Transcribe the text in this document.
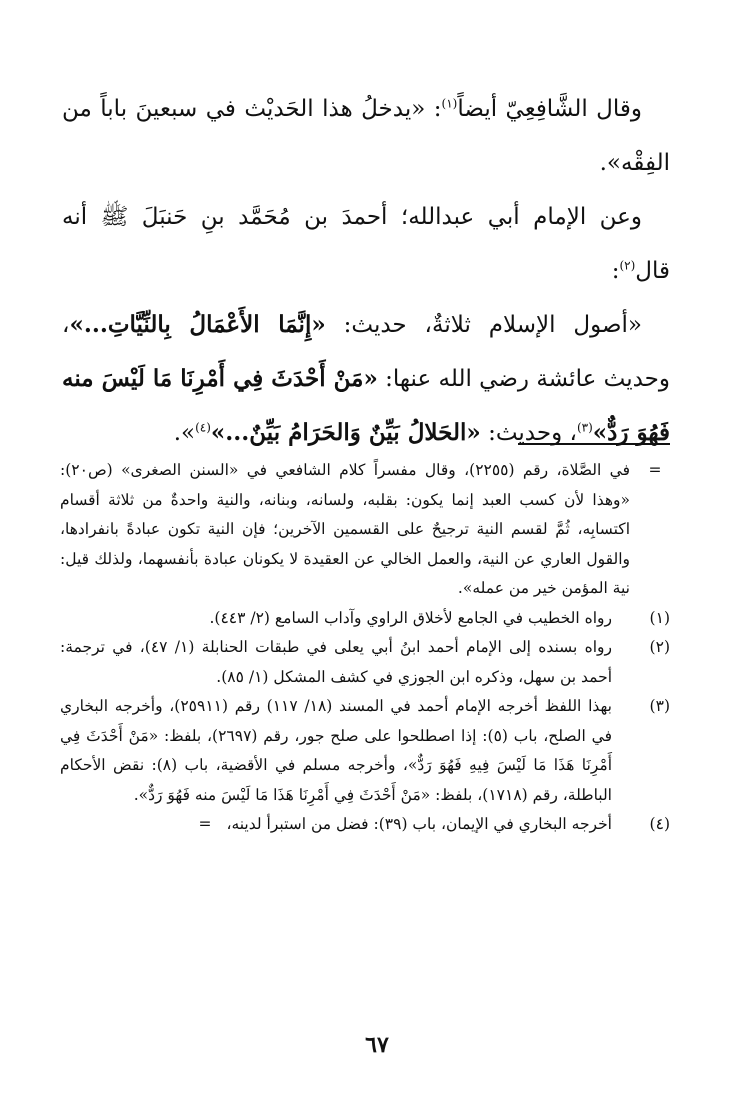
وقال الشَّافِعِيّ أيضاً$^{(١)}$: «يدخلُ هذا الحَديْث في سبعينَ باباً من الفِقْه».

وعن الإمام أبي عبدالله؛ أحمدَ بن مُحَمَّد بنِ حَنبَلَ ﷺ أنه قال$^{(٢)}$:

«أصول الإسلام ثلاثةٌ، حديث: «إِنَّمَا الأَعْمَالُ بِالنِّيَّاتِ...»، وحديث عائشة رضي الله عنها: «مَنْ أَحْدَثَ فِي أَمْرِنَا مَا لَيْسَ منه فَهُوَ رَدٌّ»$^{(٣)}$، وحديث: «الحَلالُ بَيِّنٌ وَالحَرَامُ بَيِّنٌ...»$^{(٤)}$».

=
في الصَّلاة، رقم (٢٢٥٥)، وقال مفسراً كلام الشافعي في «السنن الصغرى» (ص٢٠): «وهذا لأن كسب العبد إنما يكون: بقلبه، ولسانه، وبنانه، والنية واحدةٌ من ثلاثة أقسام اكتسابِه، ثُمَّ لقسم النية ترجيحٌ على القسمين الآخرين؛ فإن النية تكون عبادةً بانفرادها، والقول العاري عن النية، والعمل الخالي عن العقيدة لا يكونان عبادة بأنفسهما، ولذلك قيل: نية المؤمن خير من عمله».
(١)
رواه الخطيب في الجامع لأخلاق الراوي وآداب السامع (٢/ ٤٤٣).
(٢)
رواه بسنده إلى الإمام أحمد ابنُ أبي يعلى في طبقات الحنابلة (١/ ٤٧)، في ترجمة: أحمد بن سهل، وذكره ابن الجوزي في كشف المشكل (١/ ٨٥).
(٣)
بهذا اللفظ أخرجه الإمام أحمد في المسند (١٨/ ١١٧) رقم (٢٥٩١١)، وأخرجه البخاري في الصلح، باب (٥): إذا اصطلحوا على صلح جور، رقم (٢٦٩٧)، بلفظ: «مَنْ أَحْدَثَ فِي أَمْرِنَا هَذَا مَا لَيْسَ فِيهِ فَهُوَ رَدٌّ»، وأخرجه مسلم في الأقضية، باب (٨): نقض الأحكام الباطلة، رقم (١٧١٨)، بلفظ: «مَنْ أَحْدَثَ فِي أَمْرِنَا هَذَا مَا لَيْسَ منه فَهُوَ رَدٌّ».
(٤)
أخرجه البخاري في الإيمان، باب (٣٩): فضل من استبرأ لدينه، =
٦٧
